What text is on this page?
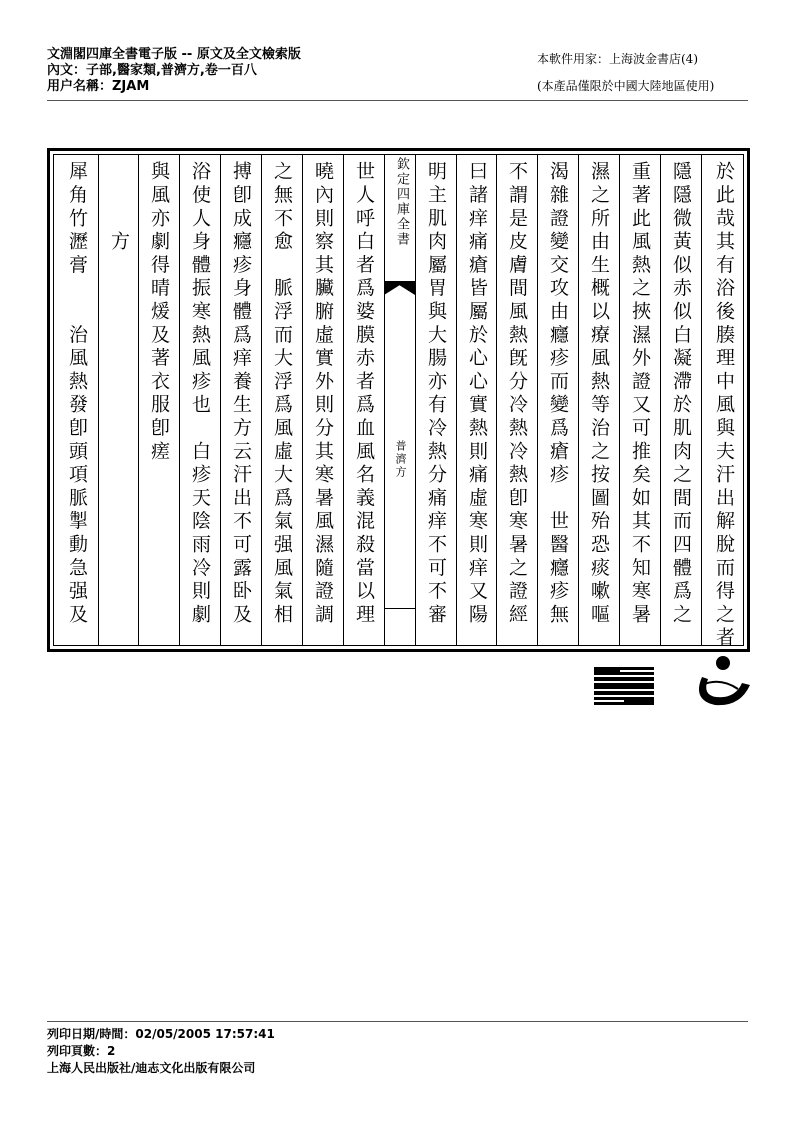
文淵閣四庫全書電子版 -- 原文及全文檢索版
內文：子部,醫家類,普濟方,卷一百八
用户名稱：ZJAM
本軟件用家：上海波金書店(4)
(本產品僅限於中國大陸地區使用)
於此哉其有浴後腠理中風與夫汗出解脫而得之者
隱隱微黃似赤似白凝滯於肌肉之間而四體爲之
重著此風熱之挾濕外證又可推矣如其不知寒暑
濕之所由生概以療風熱等治之按圖殆恐痰嗽嘔
渴雜證變交攻由癮疹而變爲瘡疹　世醫癮疹無
不謂是皮膚間風熱旣分冷熱冷熱卽寒暑之證經
曰諸痒痛瘡皆屬於心心實熱則痛虛寒則痒又陽
明主肌肉屬胃與大腸亦有冷熱分痛痒不可不審
欽定四庫全書
普濟方
世人呼白者爲婆膜赤者爲血風名義混殺當以理
曉內則察其臟腑虛實外則分其寒暑風濕隨證調
之無不愈　脈浮而大浮爲風虛大爲氣强風氣相
搏卽成癮疹身體爲痒養生方云汗出不可露卧及
浴使人身體振寒熱風疹也　白疹天陰雨冷則劇
與風亦劇得晴煖及著衣服卽瘥
　　　方
犀角竹瀝膏　　治風熱發卽頭項脈掣動急强及
列印日期/時間：02/05/2005 17:57:41
列印頁數：2
上海人民出版社/迪志文化出版有限公司
